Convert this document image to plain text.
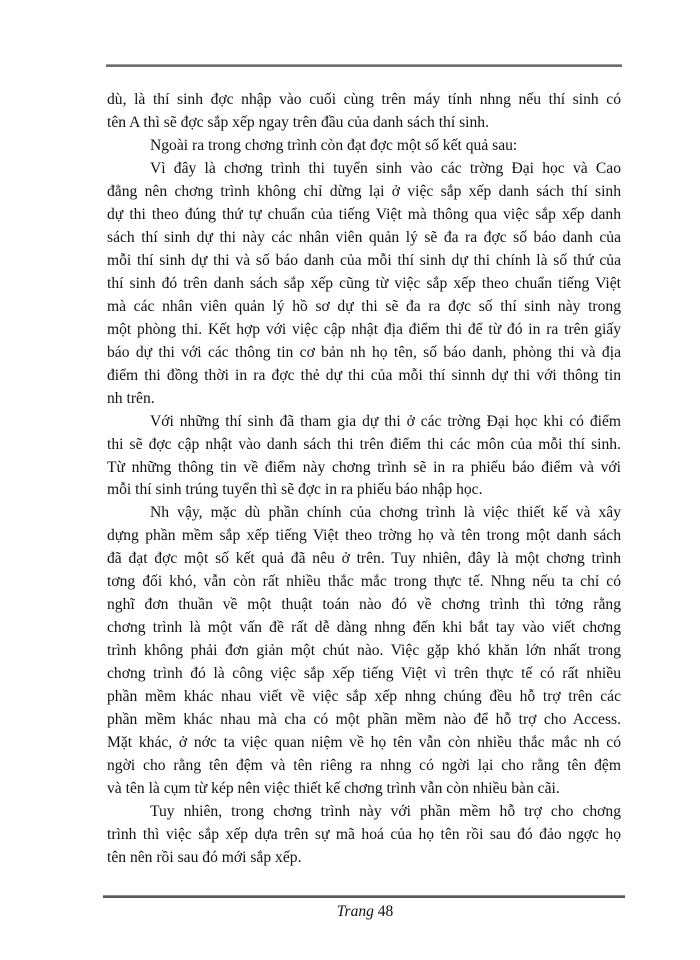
dù, là thí sinh đợc nhập vào cuối cùng trên máy tính nhng nếu thí sinh có
tên A thì sẽ đợc sắp xếp ngay trên đầu của danh sách thí sinh.
Ngoài ra trong chơng trình còn đạt đợc một số kết quả sau:
Vì đây là chơng trình thi tuyển sinh vào các trờng Đại học và Cao
đẳng nên chơng trình không chỉ dừng lại ở việc sắp xếp danh sách thí sinh
dự thi theo đúng thứ tự chuẩn của tiếng Việt mà thông qua việc sắp xếp danh
sách thí sinh dự thi này các nhân viên quản lý sẽ đa ra đợc số báo danh của
mỗi thí sinh dự thi và số báo danh của mỗi thí sinh dự thi chính là số thứ của
thí sinh đó trên danh sách sắp xếp cũng từ việc sắp xếp theo chuẩn tiếng Việt
mà các nhân viên quản lý hồ sơ dự thi sẽ đa ra đợc số thí sinh này trong
một phòng thi. Kết hợp với việc cập nhật địa điểm thi để từ đó in ra trên giấy
báo dự thi với các thông tin cơ bản nh họ tên, số báo danh, phòng thi và địa
điểm thi đồng thời in ra đợc thẻ dự thi của mỗi thí sinnh dự thi với thông tin
nh trên.
Với những thí sinh đã tham gia dự thi ở các trờng Đại học khi có điểm
thi sẽ đợc cập nhật vào danh sách thi trên điểm thi các môn của mỗi thí sinh.
Từ những thông tin về điểm này chơng trình sẽ in ra phiếu báo điểm và với
mỗi thí sinh trúng tuyển thì sẽ đợc in ra phiếu báo nhập học.
Nh vậy, mặc dù phần chính của chơng trình là việc thiết kế và xây
dựng phần mềm sắp xếp tiếng Việt theo trờng họ và tên trong một danh sách
đã đạt đợc một số kết quả đã nêu ở trên. Tuy nhiên, đây là một chơng trình
tơng đối khó, vẫn còn rất nhiều thắc mắc trong thực tế. Nhng nếu ta chỉ có
nghĩ đơn thuần về một thuật toán nào đó về chơng trình thì tởng rằng
chơng trình là một vấn đề rất dễ dàng nhng đến khi bắt tay vào viết chơng
trình không phải đơn giản một chút nào. Việc gặp khó khăn lớn nhất trong
chơng trình đó là công việc sắp xếp tiếng Việt vì trên thực tế có rất nhiều
phần mềm khác nhau viết về việc sắp xếp nhng chúng đều hỗ trợ trên các
phần mềm khác nhau mà cha có một phần mềm nào để hỗ trợ cho Access.
Mặt khác, ở nớc ta việc quan niệm về họ tên vẫn còn nhiều thắc mắc nh có
ngời cho rằng tên đệm và tên riêng ra nhng có ngời lại cho rằng tên đệm
và tên là cụm từ kép nên việc thiết kế chơng trình vẫn còn nhiều bàn cãi.
Tuy nhiên, trong chơng trình này với phần mềm hỗ trợ cho chơng
trình thì việc sắp xếp dựa trên sự mã hoá của họ tên rồi sau đó đảo ngợc họ
tên nên rồi sau đó mới sắp xếp.
Trang 48
